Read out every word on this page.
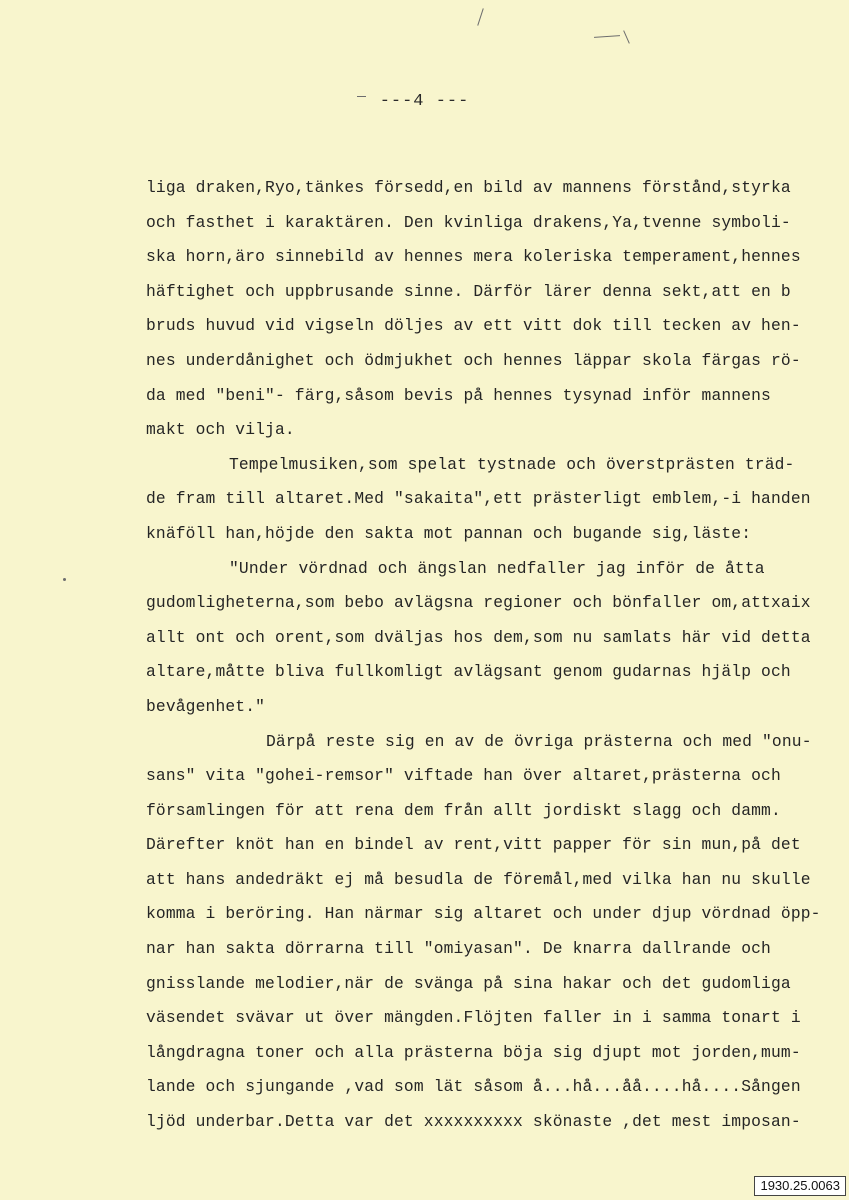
---4 ---
liga draken,Ryo,tänkes försedd,en bild av mannens förstånd,styrka
och fasthet i karaktären. Den kvinliga drakens,Ya,tvenne symboli-
ska horn,äro sinnebild av hennes mera koleriska temperament,hennes
häftighet och uppbrusande sinne. Därför lärer denna sekt,att en b
bruds huvud vid vigseln döljes av ett vitt dok till tecken av hen-
nes underdånighet och ödmjukhet och hennes läppar skola färgas rö-
da med "beni"- färg,såsom bevis på hennes tysynad inför mannens
makt och vilja.
Tempelmusiken,som spelat tystnade och överstprästen träd-
de fram till altaret.Med "sakaita",ett prästerligt emblem,-i handen
knäföll han,höjde den sakta mot pannan och bugande sig,läste:
"Under vördnad och ängslan nedfaller jag inför de åtta
gudomligheterna,som bebo avlägsna regioner och bönfaller om,attxaix
allt ont och orent,som dväljas hos dem,som nu samlats här vid detta
altare,måtte bliva fullkomligt avlägsant genom gudarnas hjälp och
bevågenhet."
Därpå reste sig en av de övriga prästerna och med "onu-
sans" vita "gohei-remsor" viftade han över altaret,prästerna och
församlingen för att rena dem från allt jordiskt slagg och damm.
Därefter knöt han en bindel av rent,vitt papper för sin mun,på det
att hans andedräkt ej må besudla de föremål,med vilka han nu skulle
komma i beröring. Han närmar sig altaret och under djup vördnad öpp-
nar han sakta dörrarna till "omiyasan". De knarra dallrande och
gnisslande melodier,när de svänga på sina hakar och det gudomliga
väsendet svävar ut över mängden.Flöjten faller in i samma tonart i
långdragna toner och alla prästerna böja sig djupt mot jorden,mum-
lande och sjungande ,vad som lät såsom å...hå...åå....hå....Sången
ljöd underbar.Detta var det xxxxxxxxxx skönaste ,det mest imposan-
1930.25.0063
